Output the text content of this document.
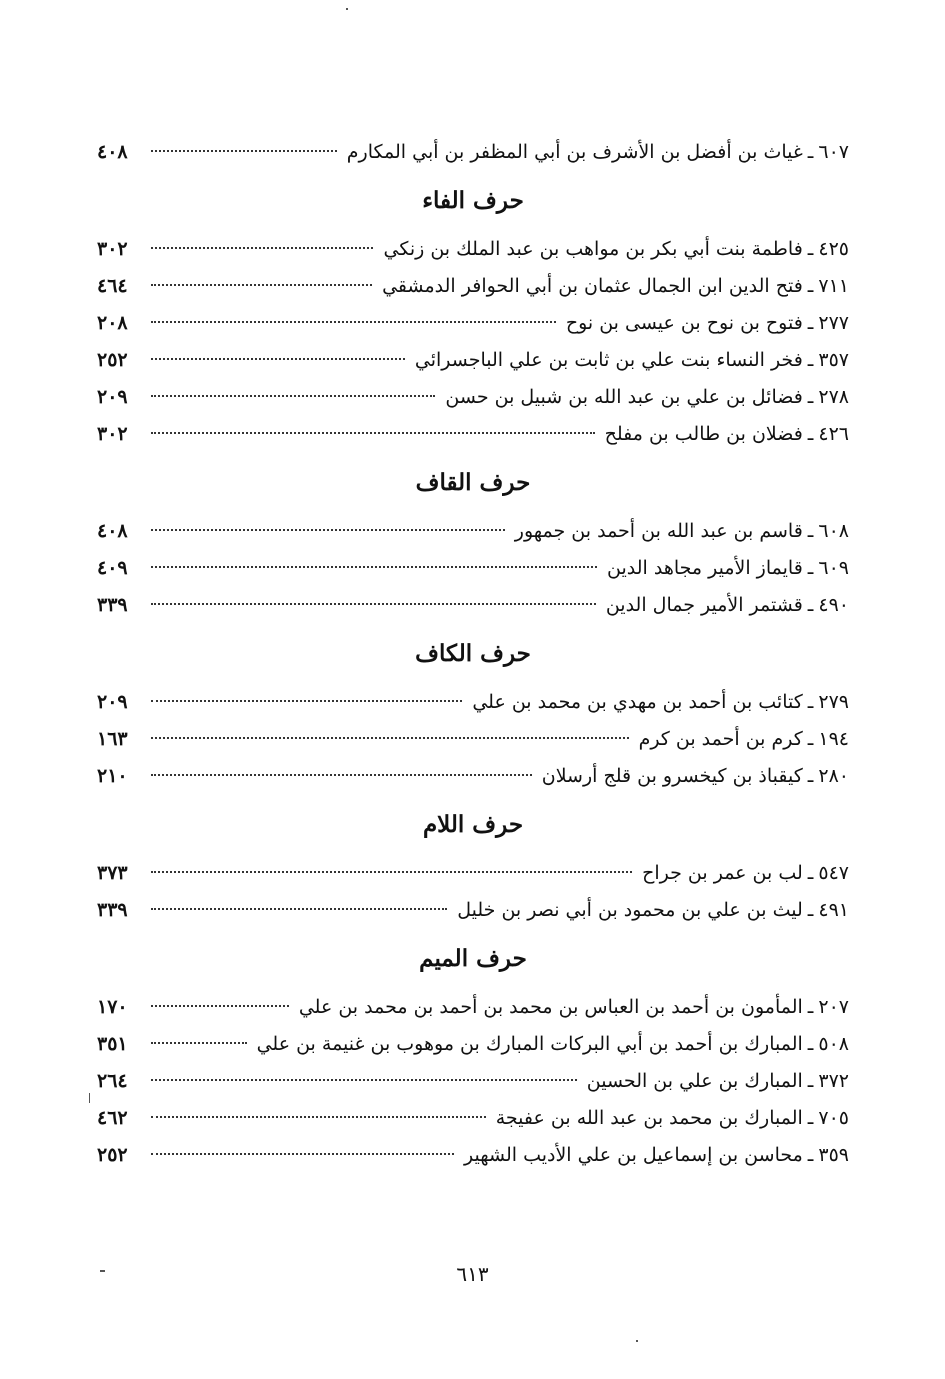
٦٠٧
ـ
غياث بن أفضل بن الأشرف بن أبي المظفر بن أبي المكارم
٤٠٨
حرف الفاء
٤٢٥
ـ
فاطمة بنت أبي بكر بن مواهب بن عبد الملك بن زنكي
٣٠٢
٧١١
ـ
فتح الدين ابن الجمال عثمان بن أبي الحوافر الدمشقي
٤٦٤
٢٧٧
ـ
فتوح بن نوح بن عيسى بن نوح
٢٠٨
٣٥٧
ـ
فخر النساء بنت علي بن ثابت بن علي الباجسرائي
٢٥٢
٢٧٨
ـ
فضائل بن علي بن عبد الله بن شبيل بن حسن
٢٠٩
٤٢٦
ـ
فضلان بن طالب بن مفلح
٣٠٢
حرف القاف
٦٠٨
ـ
قاسم بن عبد الله بن أحمد بن جمهور
٤٠٨
٦٠٩
ـ
قايماز الأمير مجاهد الدين
٤٠٩
٤٩٠
ـ
قشتمر الأمير جمال الدين
٣٣٩
حرف الكاف
٢٧٩
ـ
كتائب بن أحمد بن مهدي بن محمد بن علي
٢٠٩
١٩٤
ـ
كرم بن أحمد بن كرم
١٦٣
٢٨٠
ـ
كيقباذ بن كيخسرو بن قلج أرسلان
٢١٠
حرف اللام
٥٤٧
ـ
لب بن عمر بن جراح
٣٧٣
٤٩١
ـ
ليث بن علي بن محمود بن أبي نصر بن خليل
٣٣٩
حرف الميم
٢٠٧
ـ
المأمون بن أحمد بن العباس بن محمد بن أحمد بن محمد بن علي
١٧٠
٥٠٨
ـ
المبارك بن أحمد بن أبي البركات المبارك بن موهوب بن غنيمة بن علي
٣٥١
٣٧٢
ـ
المبارك بن علي بن الحسين
٢٦٤
٧٠٥
ـ
المبارك بن محمد بن عبد الله بن عفيجة
٤٦٢
٣٥٩
ـ
محاسن بن إسماعيل بن علي الأديب الشهير
٢٥٢
٦١٣
